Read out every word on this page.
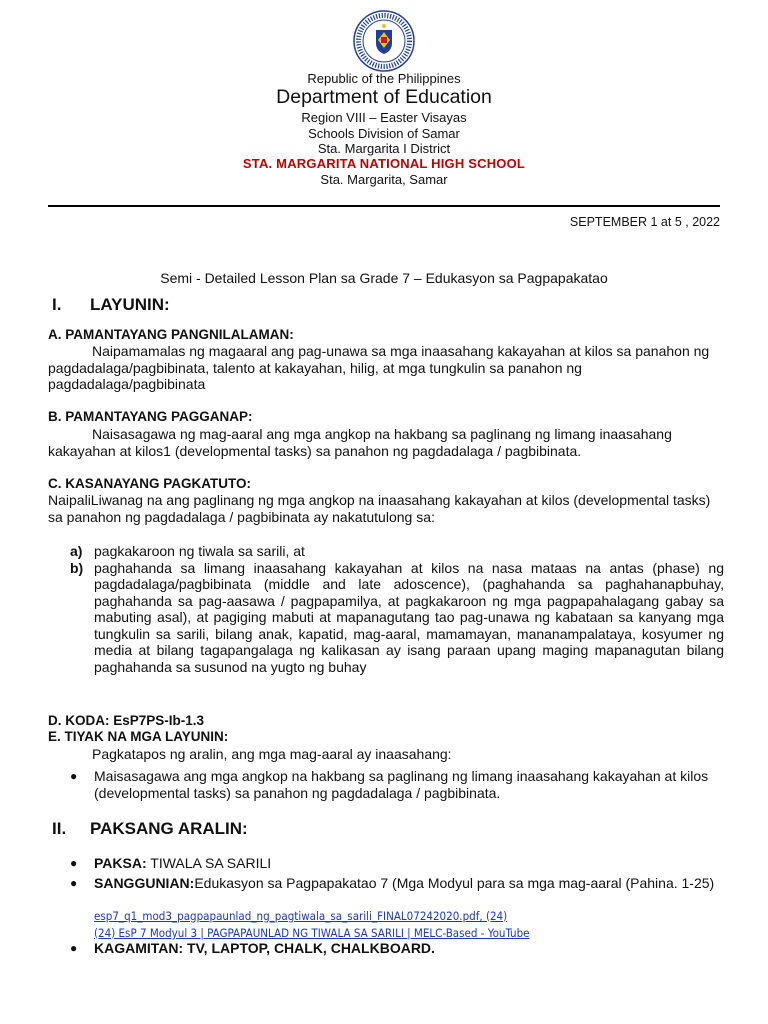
Republic of the Philippines
Department of Education
Region VIII – Easter Visayas
Schools Division of Samar
Sta. Margarita I District
STA. MARGARITA NATIONAL HIGH SCHOOL
Sta. Margarita, Samar
SEPTEMBER 1 at 5 , 2022
Semi - Detailed Lesson Plan sa Grade 7 – Edukasyon sa Pagpapakatao
I. LAYUNIN:
A. PAMANTAYANG PANGNILALAMAN:
Naipamamalas ng magaaral ang pag-unawa sa mga inaasahang kakayahan at kilos sa panahon ng pagdadalaga/pagbibinata, talento at kakayahan, hilig, at mga tungkulin sa panahon ng pagdadalaga/pagbibinata
B. PAMANTAYANG PAGGANAP:
Naisasagawa ng mag-aaral ang mga angkop na hakbang sa paglinang ng limang inaasahang kakayahan at kilos1 (developmental tasks) sa panahon ng pagdadalaga / pagbibinata.
C. KASANAYANG PAGKATUTO:
NaipaliLiwanag na ang paglinang ng mga angkop na inaasahang kakayahan at kilos (developmental tasks) sa panahon ng pagdadalaga / pagbibinata ay nakatutulong sa:
a) pagkakaroon ng tiwala sa sarili, at
b) paghahanda sa limang inaasahang kakayahan at kilos na nasa mataas na antas (phase) ng pagdadalaga/pagbibinata (middle and late adoscence), (paghahanda sa paghahanapbuhay, paghahanda sa pag-aasawa / pagpapamilya, at pagkakaroon ng mga pagpapahalagang gabay sa mabuting asal), at pagiging mabuti at mapanagutang tao pag-unawa ng kabataan sa kanyang mga tungkulin sa sarili, bilang anak, kapatid, mag-aaral, mamamayan, mananampalataya, kosyumer ng media at bilang tagapangalaga ng kalikasan ay isang paraan upang maging mapanagutan bilang paghahanda sa susunod na yugto ng buhay
D. KODA: EsP7PS-Ib-1.3
E. TIYAK NA MGA LAYUNIN:
Pagkatapos ng aralin, ang mga mag-aaral ay inaasahang:
● Maisasagawa ang mga angkop na hakbang sa paglinang ng limang inaasahang kakayahan at kilos (developmental tasks) sa panahon ng pagdadalaga / pagbibinata.
II. PAKSANG ARALIN:
● PAKSA: TIWALA SA SARILI
● SANGGUNIAN:Edukasyon sa Pagpapakatao 7 (Mga Modyul para sa mga mag-aaral (Pahina. 1-25)
esp7_q1_mod3_pagpapaunlad_ng_pagtiwala_sa_sarili_FINAL07242020.pdf, (24)
(24) EsP 7 Modyul 3 | PAGPAPAUNLAD NG TIWALA SA SARILI | MELC-Based - YouTube
● KAGAMITAN: TV, LAPTOP, CHALK, CHALKBOARD.
